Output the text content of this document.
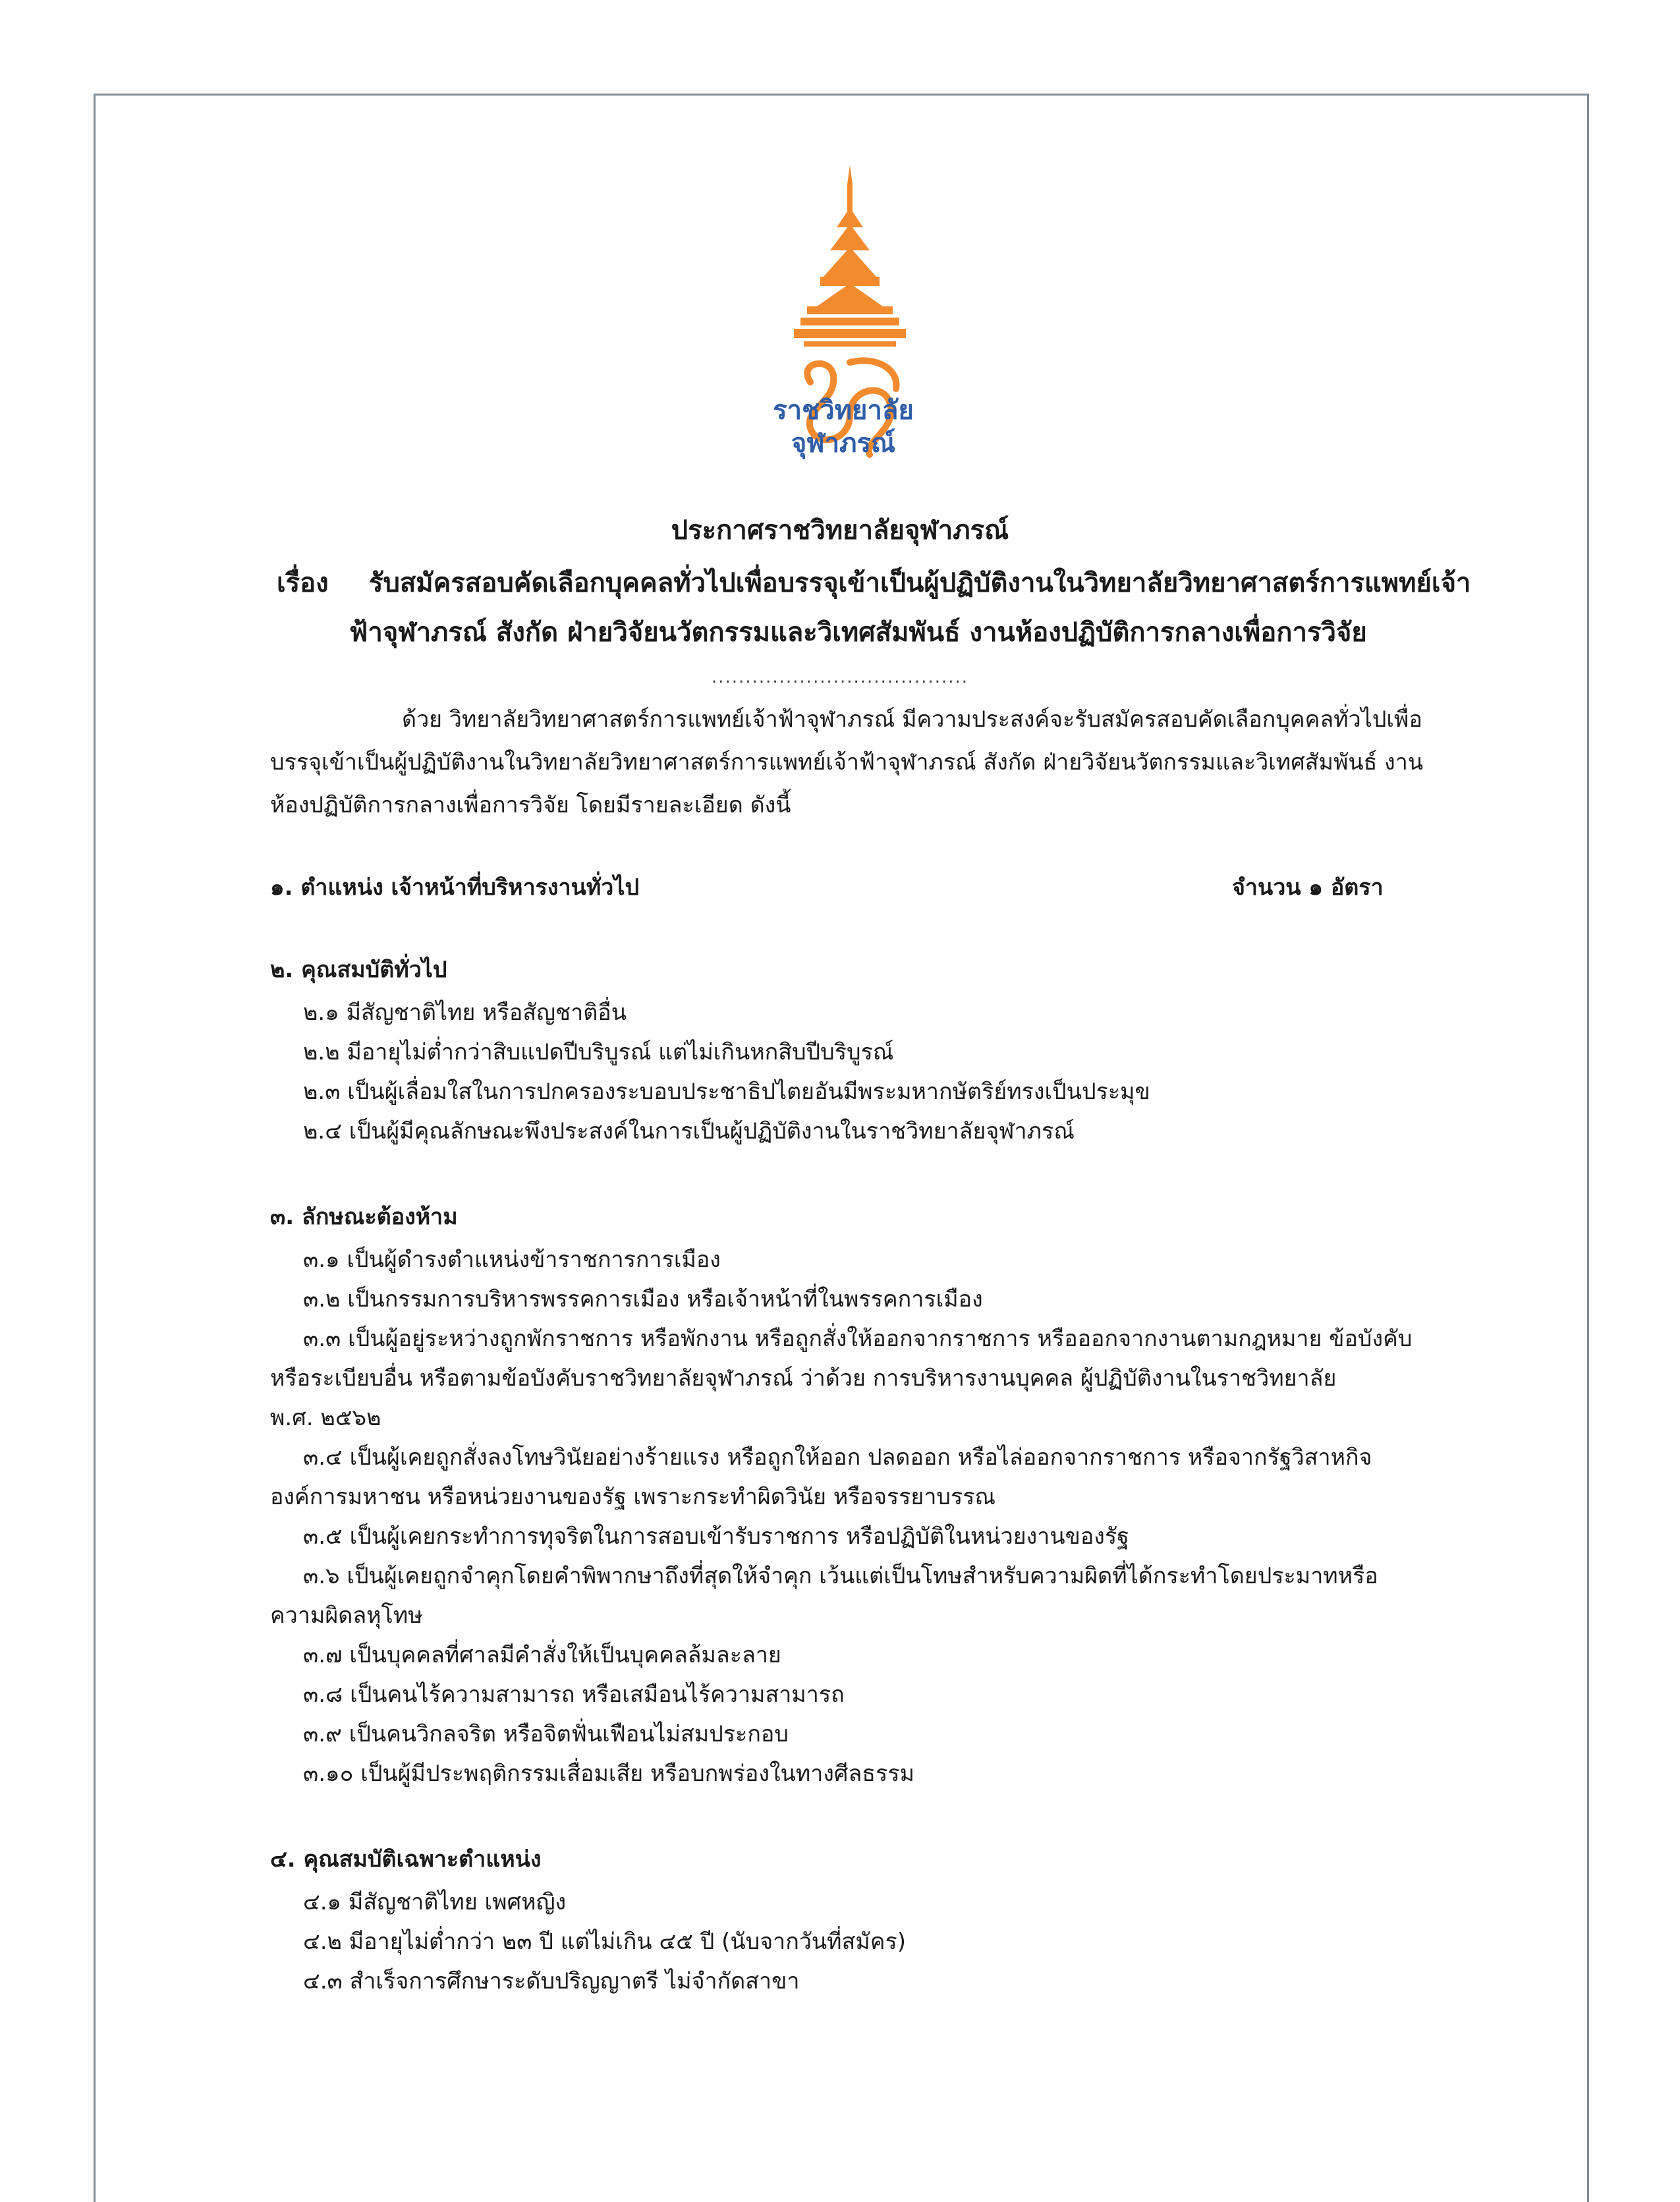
ราชวิทยาลัย
จุฬาภรณ์
ประกาศราชวิทยาลัยจุฬาภรณ์
เรื่อง รับสมัครสอบคัดเลือกบุคคลทั่วไปเพื่อบรรจุเข้าเป็นผู้ปฏิบัติงานในวิทยาลัยวิทยาศาสตร์การแพทย์เจ้า
ฟ้าจุฬาภรณ์ สังกัด ฝ่ายวิจัยนวัตกรรมและวิเทศสัมพันธ์ งานห้องปฏิบัติการกลางเพื่อการวิจัย
......................................
ด้วย วิทยาลัยวิทยาศาสตร์การแพทย์เจ้าฟ้าจุฬาภรณ์ มีความประสงค์จะรับสมัครสอบคัดเลือกบุคคลทั่วไปเพื่อ
บรรจุเข้าเป็นผู้ปฏิบัติงานในวิทยาลัยวิทยาศาสตร์การแพทย์เจ้าฟ้าจุฬาภรณ์ สังกัด ฝ่ายวิจัยนวัตกรรมและวิเทศสัมพันธ์ งาน
ห้องปฏิบัติการกลางเพื่อการวิจัย โดยมีรายละเอียด ดังนี้
๑. ตำแหน่ง เจ้าหน้าที่บริหารงานทั่วไป	จำนวน ๑ อัตรา
๒. คุณสมบัติทั่วไป
๒.๑ มีสัญชาติไทย หรือสัญชาติอื่น
๒.๒ มีอายุไม่ต่ำกว่าสิบแปดปีบริบูรณ์ แต่ไม่เกินหกสิบปีบริบูรณ์
๒.๓ เป็นผู้เลื่อมใสในการปกครองระบอบประชาธิปไตยอันมีพระมหากษัตริย์ทรงเป็นประมุข
๒.๔ เป็นผู้มีคุณลักษณะพึงประสงค์ในการเป็นผู้ปฏิบัติงานในราชวิทยาลัยจุฬาภรณ์
๓. ลักษณะต้องห้าม
๓.๑ เป็นผู้ดำรงตำแหน่งข้าราชการการเมือง
๓.๒ เป็นกรรมการบริหารพรรคการเมือง หรือเจ้าหน้าที่ในพรรคการเมือง
๓.๓ เป็นผู้อยู่ระหว่างถูกพักราชการ หรือพักงาน หรือถูกสั่งให้ออกจากราชการ หรือออกจากงานตามกฎหมาย ข้อบังคับ
หรือระเบียบอื่น หรือตามข้อบังคับราชวิทยาลัยจุฬาภรณ์ ว่าด้วย การบริหารงานบุคคล ผู้ปฏิบัติงานในราชวิทยาลัย
พ.ศ. ๒๕๖๒
๓.๔ เป็นผู้เคยถูกสั่งลงโทษวินัยอย่างร้ายแรง หรือถูกให้ออก ปลดออก หรือไล่ออกจากราชการ หรือจากรัฐวิสาหกิจ
องค์การมหาชน หรือหน่วยงานของรัฐ เพราะกระทำผิดวินัย หรือจรรยาบรรณ
๓.๕ เป็นผู้เคยกระทำการทุจริตในการสอบเข้ารับราชการ หรือปฏิบัติในหน่วยงานของรัฐ
๓.๖ เป็นผู้เคยถูกจำคุกโดยคำพิพากษาถึงที่สุดให้จำคุก เว้นแต่เป็นโทษสำหรับความผิดที่ได้กระทำโดยประมาทหรือ
ความผิดลหุโทษ
๓.๗ เป็นบุคคลที่ศาลมีคำสั่งให้เป็นบุคคลล้มละลาย
๓.๘ เป็นคนไร้ความสามารถ หรือเสมือนไร้ความสามารถ
๓.๙ เป็นคนวิกลจริต หรือจิตฟั่นเฟือนไม่สมประกอบ
๓.๑๐ เป็นผู้มีประพฤติกรรมเสื่อมเสีย หรือบกพร่องในทางศีลธรรม
๔. คุณสมบัติเฉพาะตำแหน่ง
๔.๑ มีสัญชาติไทย เพศหญิง
๔.๒ มีอายุไม่ต่ำกว่า ๒๓ ปี แต่ไม่เกิน ๔๕ ปี (นับจากวันที่สมัคร)
๔.๓ สำเร็จการศึกษาระดับปริญญาตรี ไม่จำกัดสาขา
